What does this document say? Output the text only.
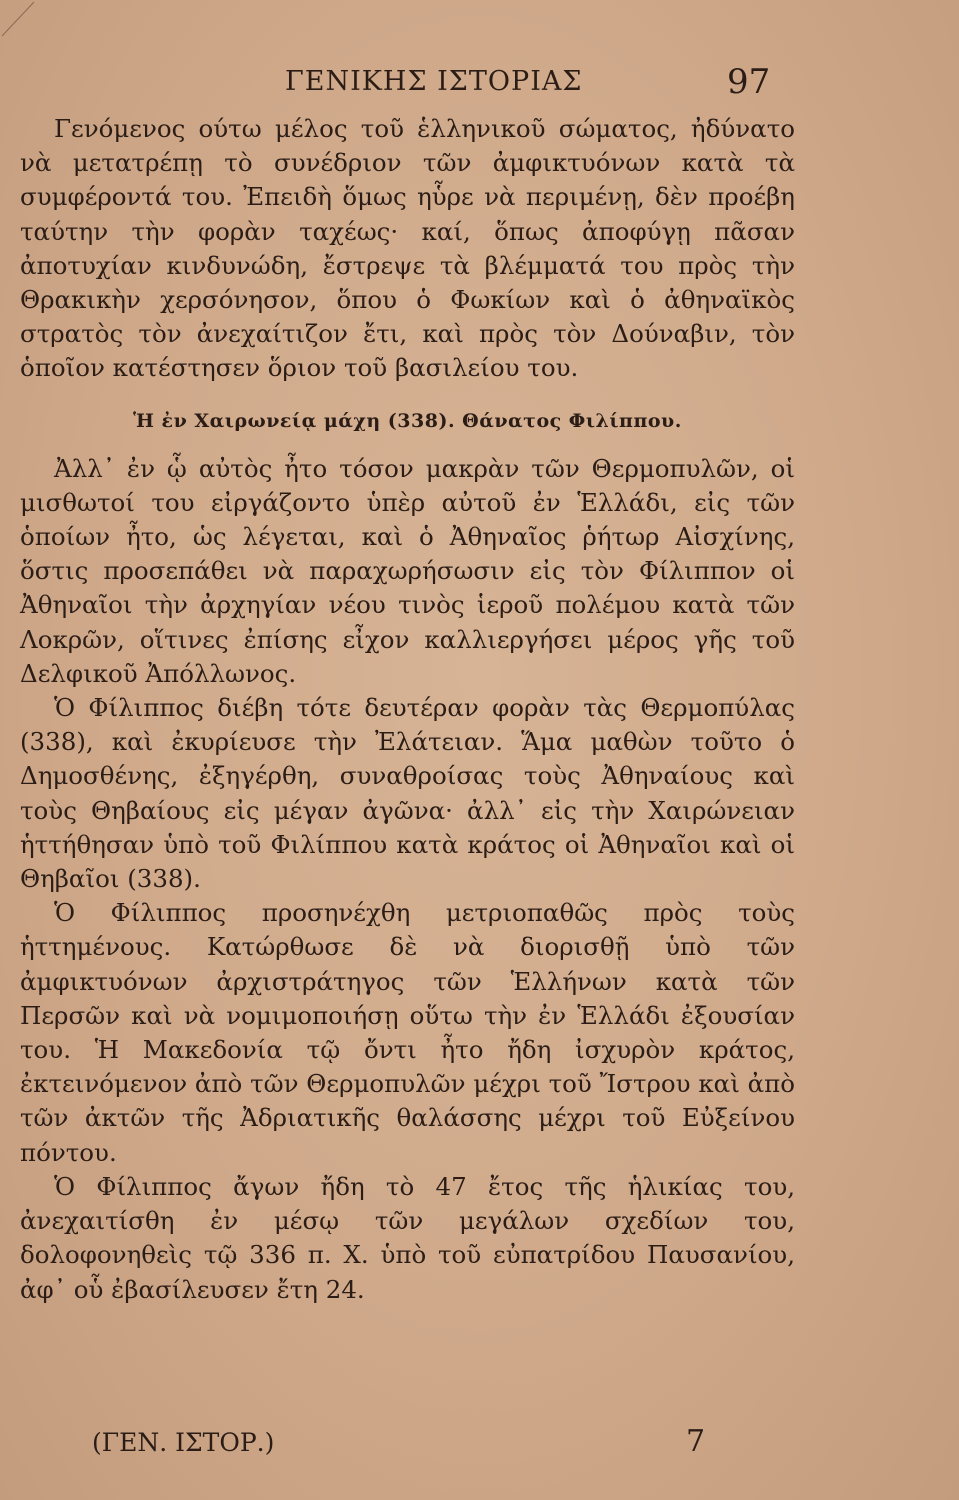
ΓΕΝΙΚΗΣ ΙΣΤΟΡΙΑΣ	97

Γενόμενος ούτω μέλος τοῦ ἑλληνικοῦ σώματος, ἠδύνατο νὰ μετατρέπῃ τὸ συνέδριον τῶν ἀμφικτυόνων κατὰ τὰ συμφέροντά του. Ἐπειδὴ ὅμως ηὗρε νὰ περιμένῃ, δὲν προέβη ταύτην τὴν φορὰν ταχέως· καί, ὅπως ἀποφύγῃ πᾶσαν ἀποτυχίαν κινδυνώδη, ἔστρεψε τὰ βλέμματά του πρὸς τὴν Θρακικὴν χερσόνησον, ὅπου ὁ Φωκίων καὶ ὁ ἀθηναϊκὸς στρατὸς τὸν ἀνεχαίτιζον ἔτι, καὶ πρὸς τὸν Δούναβιν, τὸν ὁποῖον κατέστησεν ὅριον τοῦ βασιλείου του.

Ἡ ἐν Χαιρωνείᾳ μάχη (338). Θάνατος Φιλίππου.

Ἀλλ᾽ ἐν ᾧ αὐτὸς ἦτο τόσον μακρὰν τῶν Θερμοπυλῶν, οἱ μισθωτοί του εἰργάζοντο ὑπὲρ αὐτοῦ ἐν Ἑλλάδι, εἰς τῶν ὁποίων ἦτο, ὡς λέγεται, καὶ ὁ Ἀθηναῖος ῥήτωρ Αἰσχίνης, ὅστις προσεπάθει νὰ παραχωρήσωσιν εἰς τὸν Φίλιππον οἱ Ἀθηναῖοι τὴν ἀρχηγίαν νέου τινὸς ἱεροῦ πολέμου κατὰ τῶν Λοκρῶν, οἵτινες ἐπίσης εἶχον καλλιεργήσει μέρος γῆς τοῦ Δελφικοῦ Ἀπόλλωνος.

Ὁ Φίλιππος διέβη τότε δευτέραν φορὰν τὰς Θερμοπύλας (338), καὶ ἐκυρίευσε τὴν Ἐλάτειαν. Ἅμα μαθὼν τοῦτο ὁ Δημοσθένης, ἐξηγέρθη, συναθροίσας τοὺς Ἀθηναίους καὶ τοὺς Θηβαίους εἰς μέγαν ἀγῶνα· ἀλλ᾽ εἰς τὴν Χαιρώνειαν ἡττήθησαν ὑπὸ τοῦ Φιλίππου κατὰ κράτος οἱ Ἀθηναῖοι καὶ οἱ Θηβαῖοι (338).

Ὁ Φίλιππος προσηνέχθη μετριοπαθῶς πρὸς τοὺς ἡττημένους. Κατώρθωσε δὲ νὰ διορισθῇ ὑπὸ τῶν ἀμφικτυόνων ἀρχιστράτηγος τῶν Ἑλλήνων κατὰ τῶν Περσῶν καὶ νὰ νομιμοποιήσῃ οὕτω τὴν ἐν Ἑλλάδι ἐξουσίαν του. Ἡ Μακεδονία τῷ ὄντι ἦτο ἤδη ἰσχυρὸν κράτος, ἐκτεινόμενον ἀπὸ τῶν Θερμοπυλῶν μέχρι τοῦ Ἴστρου καὶ ἀπὸ τῶν ἀκτῶν τῆς Ἀδριατικῆς θαλάσσης μέχρι τοῦ Εὐξείνου πόντου.

Ὁ Φίλιππος ἄγων ἤδη τὸ 47 ἔτος τῆς ἡλικίας του, ἀνεχαιτίσθη ἐν μέσῳ τῶν μεγάλων σχεδίων του, δολοφονηθεὶς τῷ 336 π. Χ. ὑπὸ τοῦ εὐπατρίδου Παυσανίου, ἀφ᾽ οὗ ἐβασίλευσεν ἔτη 24.

(ΓΕΝ. ΙΣΤΟΡ.)	7
